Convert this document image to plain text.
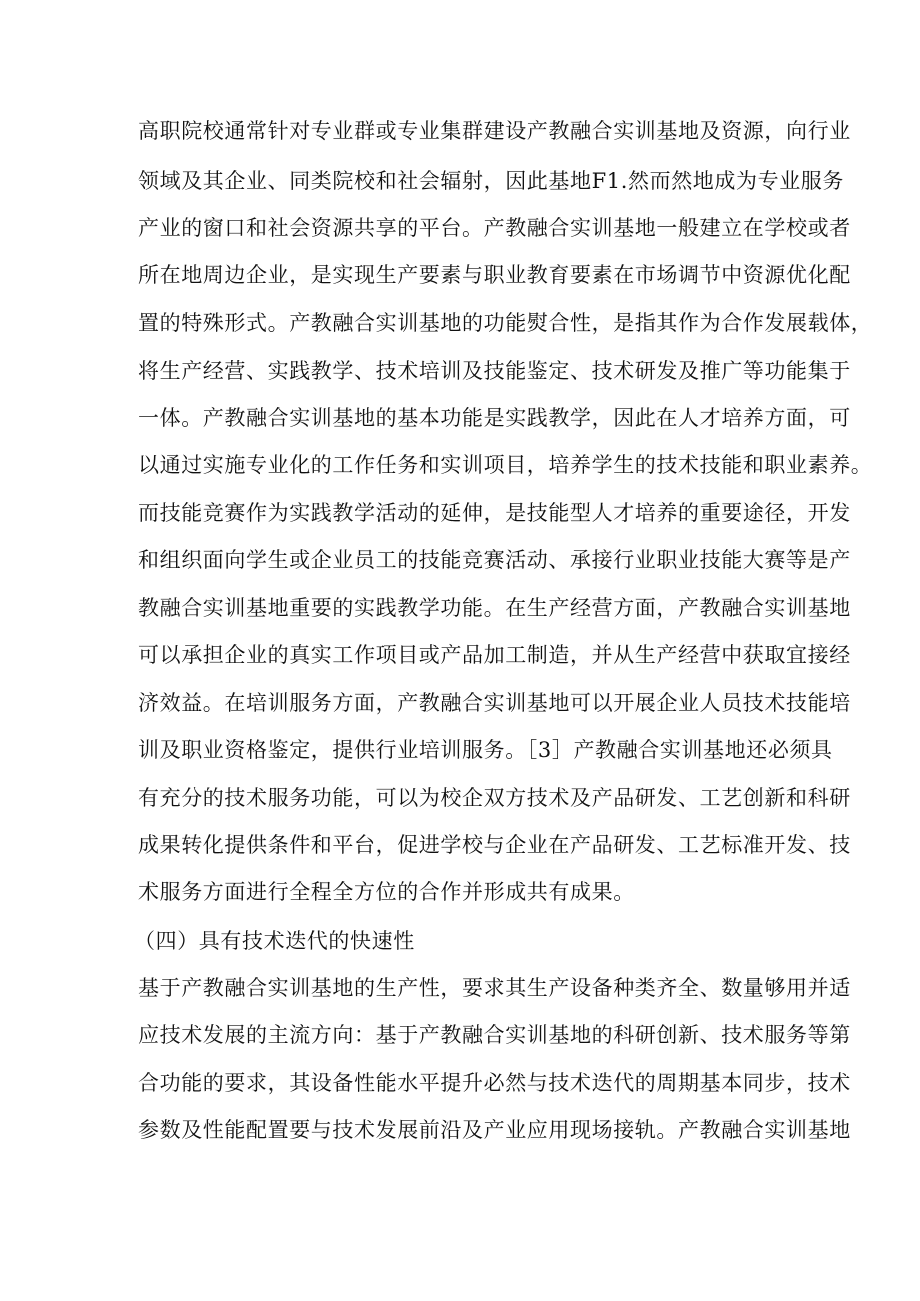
高职院校通常针对专业群或专业集群建设产教融合实训基地及资源，向行业
领域及其企业、同类院校和社会辐射，因此基地F1.然而然地成为专业服务
产业的窗口和社会资源共享的平台。产教融合实训基地一般建立在学校或者
所在地周边企业，是实现生产要素与职业教育要素在市场调节中资源优化配
置的特殊形式。产教融合实训基地的功能熨合性，是指其作为合作发展载体，
将生产经营、实践教学、技术培训及技能鉴定、技术研发及推广等功能集于
一体。产教融合实训基地的基本功能是实践教学，因此在人才培养方面，可
以通过实施专业化的工作任务和实训项目，培养学生的技术技能和职业素养。
而技能竞赛作为实践教学活动的延伸，是技能型人才培养的重要途径，开发
和组织面向学生或企业员工的技能竞赛活动、承接行业职业技能大赛等是产
教融合实训基地重要的实践教学功能。在生产经营方面，产教融合实训基地
可以承担企业的真实工作项目或产品加工制造，并从生产经营中获取宜接经
济效益。在培训服务方面，产教融合实训基地可以开展企业人员技术技能培
训及职业资格鉴定，提供行业培训服务。［3］产教融合实训基地还必须具
有充分的技术服务功能，可以为校企双方技术及产品研发、工艺创新和科研
成果转化提供条件和平台，促进学校与企业在产品研发、工艺标准开发、技
术服务方面进行全程全方位的合作并形成共有成果。
（四）具有技术迭代的快速性
基于产教融合实训基地的生产性，要求其生产设备种类齐全、数量够用并适
应技术发展的主流方向：基于产教融合实训基地的科研创新、技术服务等第
合功能的要求，其设备性能水平提升必然与技术迭代的周期基本同步，技术
参数及性能配置要与技术发展前沿及产业应用现场接轨。产教融合实训基地
